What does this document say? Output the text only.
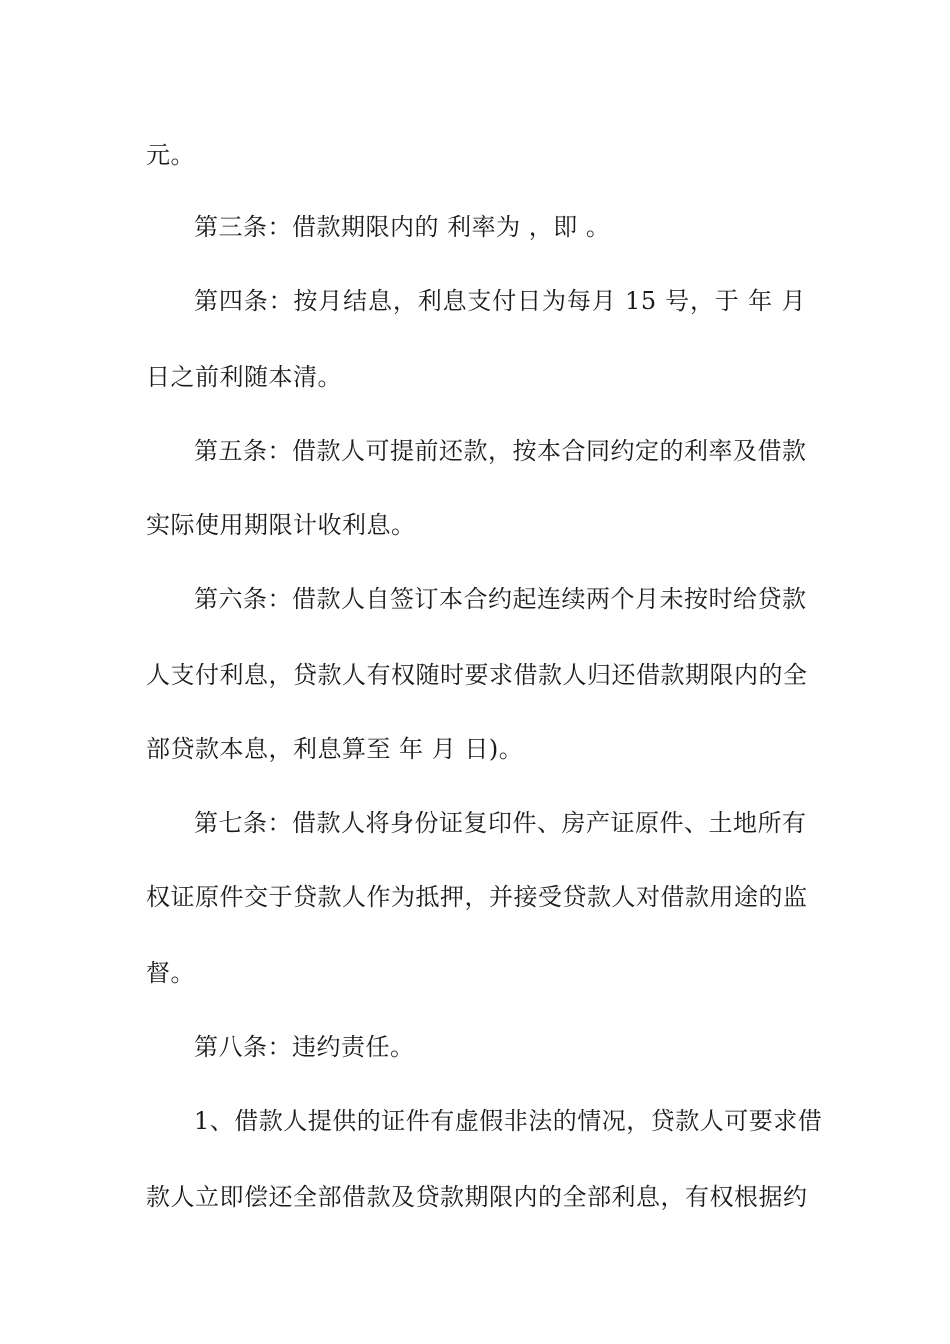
元。
第三条：借款期限内的 利率为 ，即 。
第四条：按月结息，利息支付日为每月 15 号，于 年 月
日之前利随本清。
第五条：借款人可提前还款，按本合同约定的利率及借款
实际使用期限计收利息。
第六条：借款人自签订本合约起连续两个月未按时给贷款
人支付利息，贷款人有权随时要求借款人归还借款期限内的全
部贷款本息，利息算至 年 月 日)。
第七条：借款人将身份证复印件、房产证原件、土地所有
权证原件交于贷款人作为抵押，并接受贷款人对借款用途的监
督。
第八条：违约责任。
1、借款人提供的证件有虚假非法的情况，贷款人可要求借
款人立即偿还全部借款及贷款期限内的全部利息，有权根据约
